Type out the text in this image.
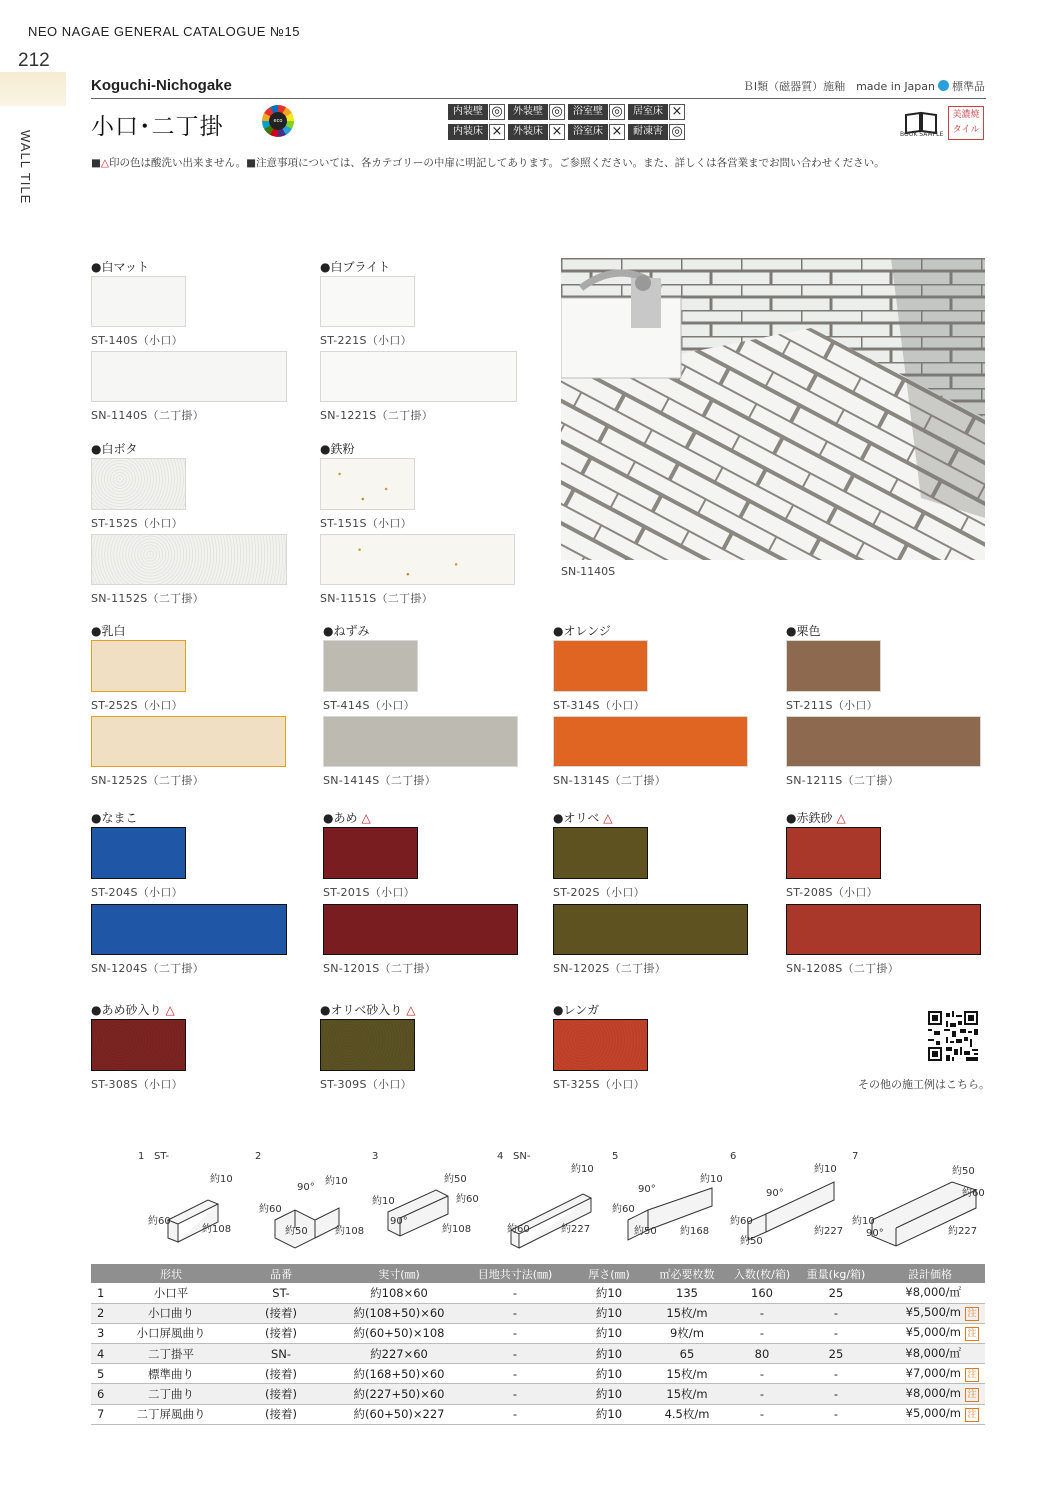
NEO NAGAE GENERAL CATALOGUE №15
212
WALL TILE
Koguchi-Nichogake	ＢⅠ類（磁器質）施釉　made in Japan 標準品
小口･二丁掛	eco friendly
内装壁 ◎	外装壁 ◎	浴室壁 ◎	居室床 ×
内装床 ×	外装床 ×	浴室床 ×	耐凍害 ◎	BOOK SAMPLE
美濃焼タイル
■△印の色は酸洗い出来ません。■注意事項については、各カテゴリーの中扉に明記してあります。ご参照ください。また、詳しくは各営業までお問い合わせください。
●白マット
ST-140S（小口）
SN-1140S（二丁掛）
●白ブライト
ST-221S（小口）
SN-1221S（二丁掛）
●白ボタ
ST-152S（小口）
SN-1152S（二丁掛）
●鉄粉
ST-151S（小口）
SN-1151S（二丁掛）
●乳白
ST-252S（小口）
SN-1252S（二丁掛）
●ねずみ
ST-414S（小口）
SN-1414S（二丁掛）
●オレンジ
ST-314S（小口）
SN-1314S（二丁掛）
●栗色
ST-211S（小口）
SN-1211S（二丁掛）
●なまこ
ST-204S（小口）
SN-1204S（二丁掛）
●あめ △
ST-201S（小口）
SN-1201S（二丁掛）
●オリベ △
ST-202S（小口）
SN-1202S（二丁掛）
●赤鉄砂 △
ST-208S（小口）
SN-1208S（二丁掛）
●あめ砂入り △
ST-308S（小口）
●オリベ砂入り △
ST-309S（小口）
●レンガ
ST-325S（小口）
SN-1140S
その他の施工例はこちら。
1 ST-
約10
約60
約108
2
90°
約10
約60
約50	約108
3
約50
約10	約60
90°
約108
4 SN-
約10
約60	約227
5
約10
90°
約60
約50 約168
6
約10
90°
約60
約50
約227
7
約50
約60
約10
90°	約227
	形状	品番	実寸(㎜)	目地共寸法(㎜)	厚さ(㎜)	㎡必要枚数	入数(枚/箱)	重量(kg/箱)	設計価格
1	小口平	ST-	約108×60	-	約10	135	160	25	¥8,000/㎡
2	小口曲り	(接着)	約(108+50)×60	-	約10	15枚/m	-	-	¥5,500/m 注
3	小口屏風曲り	(接着)	約(60+50)×108	-	約10	9枚/m	-	-	¥5,000/m 注
4	二丁掛平	SN-	約227×60	-	約10	65	80	25	¥8,000/㎡
5	標準曲り	(接着)	約(168+50)×60	-	約10	15枚/m	-	-	¥7,000/m 注
6	二丁曲り	(接着)	約(227+50)×60	-	約10	15枚/m	-	-	¥8,000/m 注
7	二丁屏風曲り	(接着)	約(60+50)×227	-	約10	4.5枚/m	-	-	¥5,000/m 注
